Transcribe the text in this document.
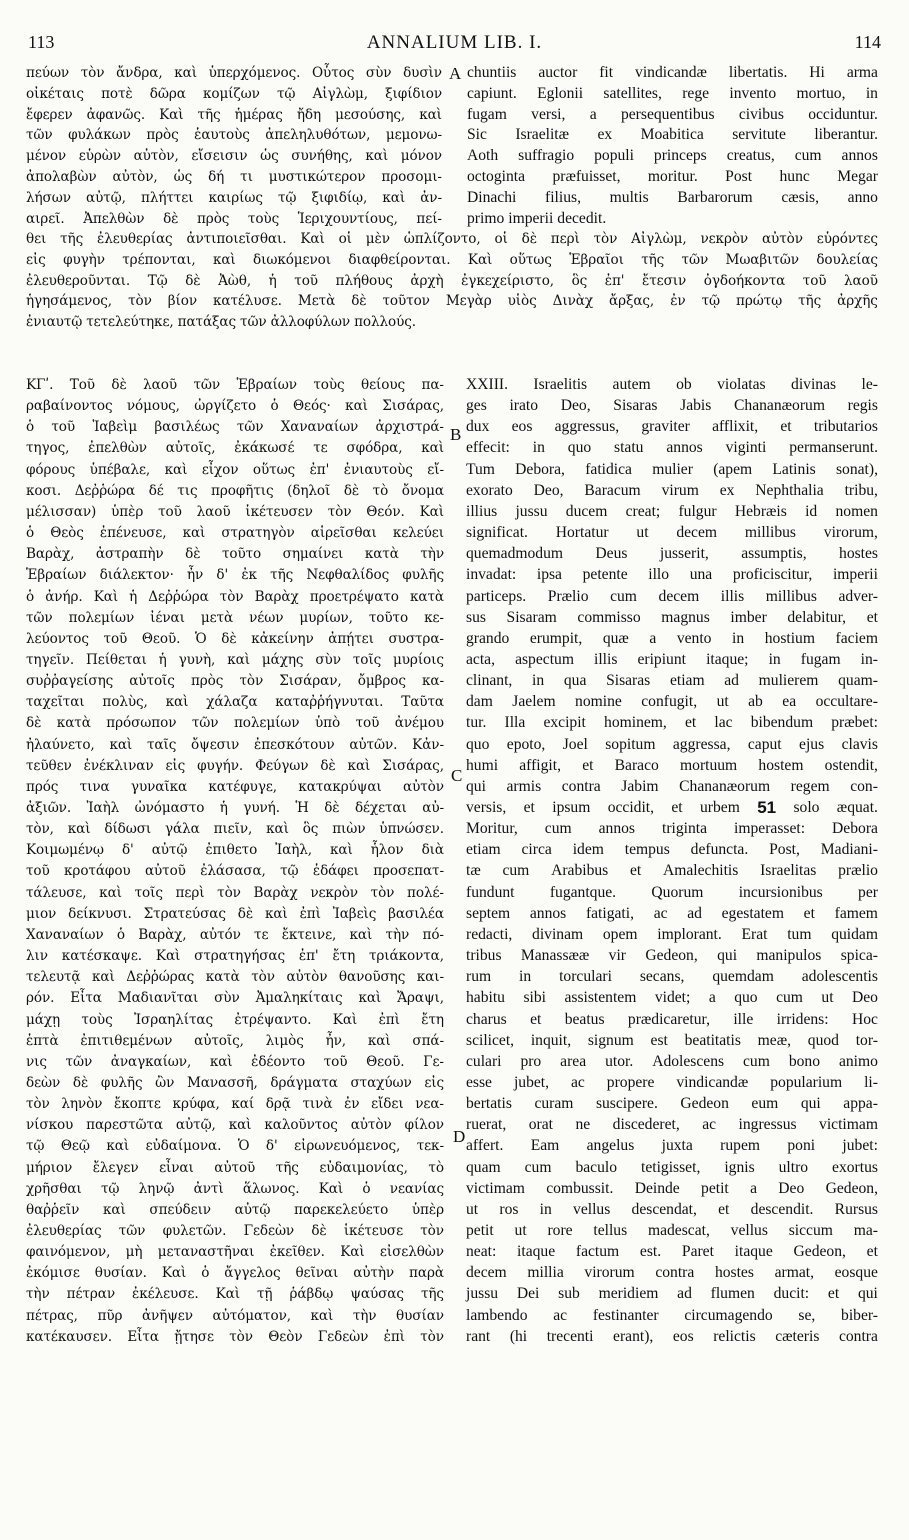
113	ANNALIUM LIB. I.	114
πεύων τὸν ἄνδρα, καὶ ὑπερχόμενος. Οὗτος σὺν δυσὶν
οἰκέταις ποτὲ δῶρα κομίζων τῷ Αἰγλὼμ, ξιφίδιον
ἔφερεν ἀφανῶς. Καὶ τῆς ἡμέρας ἤδη μεσούσης, καὶ
τῶν φυλάκων πρὸς ἑαυτοὺς ἀπεληλυθότων, μεμονω-
μένον εὑρὼν αὐτὸν, εἴσεισιν ὡς συνήθης, καὶ μόνον
ἀπολαβὼν αὐτὸν, ὡς δή τι μυστικώτερον προσομι-
λήσων αὐτῷ, πλήττει καιρίως τῷ ξιφιδίῳ, καὶ ἀν-
αιρεῖ. Ἀπελθὼν δὲ πρὸς τοὺς Ἱεριχουντίους, πεί-
chuntiis auctor fit vindicandæ libertatis. Hi arma
capiunt. Eglonii satellites, rege invento mortuo, in
fugam versi, a persequentibus civibus occiduntur.
Sic Israelitæ ex Moabitica servitute liberantur.
Aoth suffragio populi princeps creatus, cum annos
octoginta præfuisset, moritur. Post hunc Megar
Dinachi filius, multis Barbarorum cæsis, anno
primo imperii decedit.
θει τῆς ἐλευθερίας ἀντιποιεῖσθαι. Καὶ οἱ μὲν ὡπλίζοντο, οἱ δὲ περὶ τὸν Αἰγλὼμ, νεκρὸν αὐτὸν εὑρόντες
εἰς φυγὴν τρέπονται, καὶ διωκόμενοι διαφθείρονται. Καὶ οὕτως Ἑβραῖοι τῆς τῶν Μωαβιτῶν δουλείας
ἐλευθεροῦνται. Τῷ δὲ Ἀὼθ, ἡ τοῦ πλήθους ἀρχὴ ἐγκεχείριστο, ὃς ἐπ' ἔτεσιν ὀγδοήκοντα τοῦ λαοῦ
ἡγησάμενος, τὸν βίον κατέλυσε. Μετὰ δὲ τοῦτον Μεγὰρ υἱὸς Δινὰχ ἄρξας, ἐν τῷ πρώτῳ τῆς ἀρχῆς
ἐνιαυτῷ τετελεύτηκε, πατάξας τῶν ἀλλοφύλων πολλούς.
ΚΓʹ. Τοῦ δὲ λαοῦ τῶν Ἑβραίων τοὺς θείους πα-
ραβαίνοντος νόμους, ὠργίζετο ὁ Θεός· καὶ Σισάρας,
ὁ τοῦ Ἰαβεὶμ βασιλέως τῶν Χαναναίων ἀρχιστρά-
τηγος, ἐπελθὼν αὐτοῖς, ἐκάκωσέ τε σφόδρα, καὶ
φόρους ὑπέβαλε, καὶ εἶχον οὕτως ἐπ' ἐνιαυτοὺς εἴ-
κοσι. Δεῤῥώρα δέ τις προφῆτις (δηλοῖ δὲ τὸ ὄνομα
μέλισσαν) ὑπὲρ τοῦ λαοῦ ἱκέτευσεν τὸν Θεόν. Καὶ
ὁ Θεὸς ἐπένευσε, καὶ στρατηγὸν αἱρεῖσθαι κελεύει
Βαρὰχ, ἀστραπὴν δὲ τοῦτο σημαίνει κατὰ τὴν
Ἑβραίων διάλεκτον· ἦν δ' ἐκ τῆς Νεφθαλίδος φυλῆς
ὁ ἀνήρ. Καὶ ἡ Δεῤῥώρα τὸν Βαρὰχ προετρέψατο κατὰ
τῶν πολεμίων ἰέναι μετὰ νέων μυρίων, τοῦτο κε-
λεύοντος τοῦ Θεοῦ. Ὁ δὲ κἀκείνην ἀπῄτει συστρα-
τηγεῖν. Πείθεται ἡ γυνὴ, καὶ μάχης σὺν τοῖς μυρίοις
συῤῥαγείσης αὐτοῖς πρὸς τὸν Σισάραν, ὄμβρος κα-
ταχεῖται πολὺς, καὶ χάλαζα καταῤῥήγνυται. Ταῦτα
δὲ κατὰ πρόσωπον τῶν πολεμίων ὑπὸ τοῦ ἀνέμου
ἠλαύνετο, καὶ ταῖς ὄψεσιν ἐπεσκότουν αὐτῶν. Κἀν-
τεῦθεν ἐνέκλιναν εἰς φυγήν. Φεύγων δὲ καὶ Σισάρας,
πρός τινα γυναῖκα κατέφυγε, κατακρύψαι αὐτὸν
ἀξιῶν. Ἰαὴλ ὠνόμαστο ἡ γυνή. Ἡ δὲ δέχεται αὐ-
τὸν, καὶ δίδωσι γάλα πιεῖν, καὶ ὃς πιὼν ὑπνώσεν.
Κοιμωμένῳ δ' αὐτῷ ἐπιθετο Ἰαὴλ, καὶ ἧλον διὰ
τοῦ κροτάφου αὐτοῦ ἐλάσασα, τῷ ἐδάφει προσεπατ-
τάλευσε, καὶ τοῖς περὶ τὸν Βαρὰχ νεκρὸν τὸν πολέ-
μιον δείκνυσι. Στρατεύσας δὲ καὶ ἐπὶ Ἰαβεὶς βασιλέα
Χαναναίων ὁ Βαρὰχ, αὐτόν τε ἔκτεινε, καὶ τὴν πό-
λιν κατέσκαψε. Καὶ στρατηγήσας ἐπ' ἔτη τριάκοντα,
τελευτᾷ καὶ Δεῤῥώρας κατὰ τὸν αὐτὸν θανοῦσης και-
ρόν. Εἶτα Μαδιανῖται σὺν Ἀμαληκίταις καὶ Ἄραψι,
μάχῃ τοὺς Ἰσραηλίτας ἐτρέψαντο. Καὶ ἐπὶ ἔτη
ἑπτὰ ἐπιτιθεμένων αὐτοῖς, λιμὸς ἦν, καὶ σπά-
νις τῶν ἀναγκαίων, καὶ ἐδέοντο τοῦ Θεοῦ. Γε-
δεὼν δὲ φυλῆς ὢν Μανασσῆ, δράγματα σταχύων εἰς
τὸν ληνὸν ἔκοπτε κρύφα, καί δρᾷ τινὰ ἐν εἴδει νεα-
νίσκου παρεστῶτα αὐτῷ, καὶ καλοῦντος αὐτὸν φίλον
τῷ Θεῷ καὶ εὐδαίμονα. Ὁ δ' εἰρωνευόμενος, τεκ-
μήριον ἔλεγεν εἶναι αὐτοῦ τῆς εὐδαιμονίας, τὸ
χρῆσθαι τῷ ληνῷ ἀντὶ ἅλωνος. Καὶ ὁ νεανίας
θαῤῥεῖν καὶ σπεύδειν αὐτῷ παρεκελεύετο ὑπὲρ
ἐλευθερίας τῶν φυλετῶν. Γεδεὼν δὲ ἱκέτευσε τὸν
φαινόμενον, μὴ μεταναστῆναι ἐκεῖθεν. Καὶ εἰσελθὼν
ἐκόμισε θυσίαν. Καὶ ὁ ἄγγελος θεῖναι αὐτὴν παρὰ
τὴν πέτραν ἐκέλευσε. Καὶ τῇ ῥάβδῳ ψαύσας τῆς
πέτρας, πῦρ ἀνῆψεν αὐτόματον, καὶ τὴν θυσίαν
κατέκαυσεν. Εἶτα ᾔτησε τὸν Θεὸν Γεδεὼν ἐπὶ τὸν
XXIII. Israelitis autem ob violatas divinas le-
ges irato Deo, Sisaras Jabis Chananæorum regis
dux eos aggressus, graviter afflixit, et tributarios
effecit: in quo statu annos viginti permanserunt.
Tum Debora, fatidica mulier (apem Latinis sonat),
exorato Deo, Baracum virum ex Nephthalia tribu,
illius jussu ducem creat; fulgur Hebræis id nomen
significat. Hortatur ut decem millibus virorum,
quemadmodum Deus jusserit, assumptis, hostes
invadat: ipsa petente illo una proficiscitur, imperii
particeps. Prælio cum decem illis millibus adver-
sus Sisaram commisso magnus imber delabitur, et
grando erumpit, quæ a vento in hostium faciem
acta, aspectum illis eripiunt itaque; in fugam in-
clinant, in qua Sisaras etiam ad mulierem quam-
dam Jaelem nomine confugit, ut ab ea occultare-
tur. Illa excipit hominem, et lac bibendum præbet:
quo epoto, Joel sopitum aggressa, caput ejus clavis
humi affigit, et Baraco mortuum hostem ostendit,
qui armis contra Jabim Chananæorum regem con-
versis, et ipsum occidit, et urbem 51 solo æquat.
Moritur, cum annos triginta imperasset: Debora
etiam circa idem tempus defuncta. Post, Madiani-
tæ cum Arabibus et Amalechitis Israelitas prælio
fundunt fugantque. Quorum incursionibus per
septem annos fatigati, ac ad egestatem et famem
redacti, divinam opem implorant. Erat tum quidam
tribus Manassææ vir Gedeon, qui manipulos spica-
rum in torculari secans, quemdam adolescentis
habitu sibi assistentem videt; a quo cum ut Deo
charus et beatus prædicaretur, ille irridens: Hoc
scilicet, inquit, signum est beatitatis meæ, quod tor-
culari pro area utor. Adolescens cum bono animo
esse jubet, ac propere vindicandæ popularium li-
bertatis curam suscipere. Gedeon eum qui appa-
ruerat, orat ne discederet, ac ingressus victimam
affert. Eam angelus juxta rupem poni jubet:
quam cum baculo tetigisset, ignis ultro exortus
victimam combussit. Deinde petit a Deo Gedeon,
ut ros in vellus descendat, et descendit. Rursus
petit ut rore tellus madescat, vellus siccum ma-
neat: itaque factum est. Paret itaque Gedeon, et
decem millia virorum contra hostes armat, eosque
jussu Dei sub meridiem ad flumen ducit: et qui
lambendo ac festinanter circumagendo se, biber-
rant (hi trecenti erant), eos relictis cæteris contra
A
B
C
D
